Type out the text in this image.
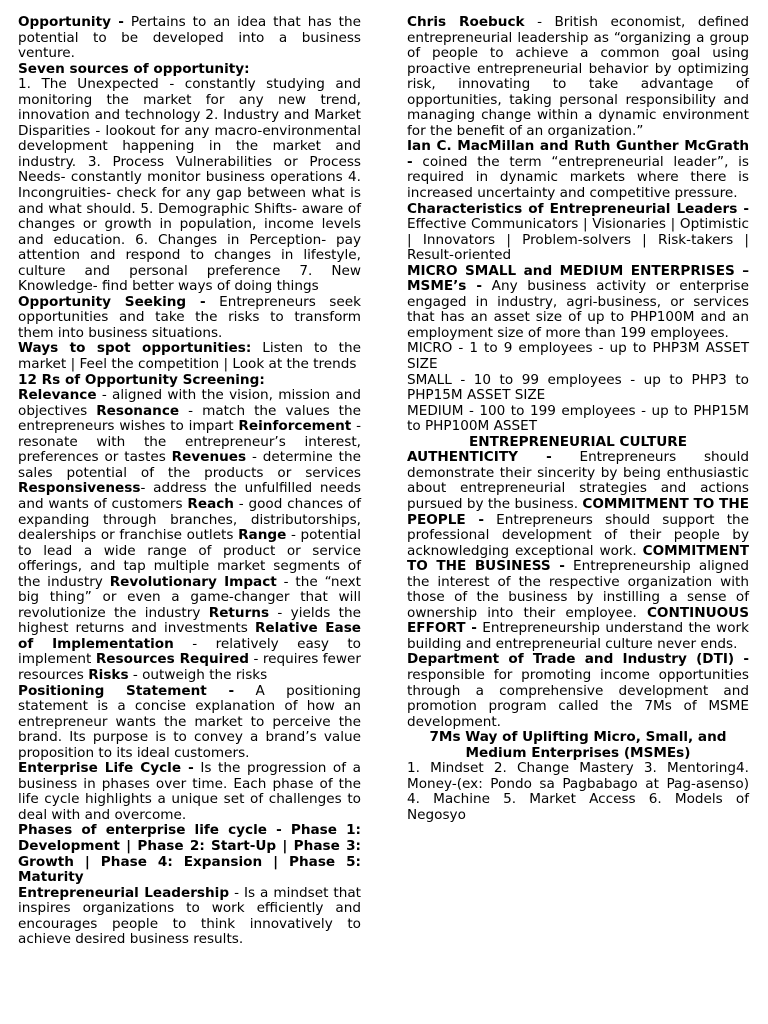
Opportunity - Pertains to an idea that has the potential to be developed into a business venture.

Seven sources of opportunity:

1. The Unexpected - constantly studying and monitoring the market for any new trend, innovation and technology 2. Industry and Market Disparities - lookout for any macro-environmental development happening in the market and industry. 3. Process Vulnerabilities or Process Needs- constantly monitor business operations 4. Incongruities- check for any gap between what is and what should. 5. Demographic Shifts- aware of changes or growth in population, income levels and education. 6. Changes in Perception- pay attention and respond to changes in lifestyle, culture and personal preference 7. New Knowledge- find better ways of doing things

Opportunity Seeking - Entrepreneurs seek opportunities and take the risks to transform them into business situations.

Ways to spot opportunities: Listen to the market | Feel the competition | Look at the trends

12 Rs of Opportunity Screening:

Relevance - aligned with the vision, mission and objectives Resonance - match the values the entrepreneurs wishes to impart Reinforcement - resonate with the entrepreneur’s interest, preferences or tastes Revenues - determine the sales potential of the products or services Responsiveness- address the unfulfilled needs and wants of customers Reach - good chances of expanding through branches, distributorships, dealerships or franchise outlets Range - potential to lead a wide range of product or service offerings, and tap multiple market segments of the industry Revolutionary Impact - the “next big thing” or even a game-changer that will revolutionize the industry Returns - yields the highest returns and investments Relative Ease of Implementation - relatively easy to implement Resources Required - requires fewer resources Risks - outweigh the risks

Positioning Statement - A positioning statement is a concise explanation of how an entrepreneur wants the market to perceive the brand. Its purpose is to convey a brand’s value proposition to its ideal customers.

Enterprise Life Cycle - Is the progression of a business in phases over time. Each phase of the life cycle highlights a unique set of challenges to deal with and overcome.

Phases of enterprise life cycle - Phase 1: Development | Phase 2: Start-Up | Phase 3: Growth | Phase 4: Expansion | Phase 5: Maturity

Entrepreneurial Leadership - Is a mindset that inspires organizations to work efficiently and encourages people to think innovatively to achieve desired business results.

Chris Roebuck - British economist, defined entrepreneurial leadership as “organizing a group of people to achieve a common goal using proactive entrepreneurial behavior by optimizing risk, innovating to take advantage of opportunities, taking personal responsibility and managing change within a dynamic environment for the benefit of an organization.”

Ian C. MacMillan and Ruth Gunther McGrath - coined the term “entrepreneurial leader”, is required in dynamic markets where there is increased uncertainty and competitive pressure.

Characteristics of Entrepreneurial Leaders - Effective Communicators | Visionaries | Optimistic | Innovators | Problem-solvers | Risk-takers | Result-oriented

MICRO SMALL and MEDIUM ENTERPRISES – MSME’s - Any business activity or enterprise engaged in industry, agri-business, or services that has an asset size of up to PHP100M and an employment size of more than 199 employees.

MICRO - 1 to 9 employees - up to PHP3M ASSET SIZE

SMALL - 10 to 99 employees - up to PHP3 to PHP15M ASSET SIZE

MEDIUM - 100 to 199 employees - up to PHP15M to PHP100M ASSET

ENTREPRENEURIAL CULTURE

AUTHENTICITY - Entrepreneurs should demonstrate their sincerity by being enthusiastic about entrepreneurial strategies and actions pursued by the business. COMMITMENT TO THE PEOPLE - Entrepreneurs should support the professional development of their people by acknowledging exceptional work. COMMITMENT TO THE BUSINESS - Entrepreneurship aligned the interest of the respective organization with those of the business by instilling a sense of ownership into their employee. CONTINUOUS EFFORT - Entrepreneurship understand the work building and entrepreneurial culture never ends.

Department of Trade and Industry (DTI) - responsible for promoting income opportunities through a comprehensive development and promotion program called the 7Ms of MSME development.

7Ms Way of Uplifting Micro, Small, and Medium Enterprises (MSMEs)

1. Mindset 2. Change Mastery 3. Mentoring4. Money-(ex: Pondo sa Pagbabago at Pag-asenso) 4. Machine 5. Market Access 6. Models of Negosyo
